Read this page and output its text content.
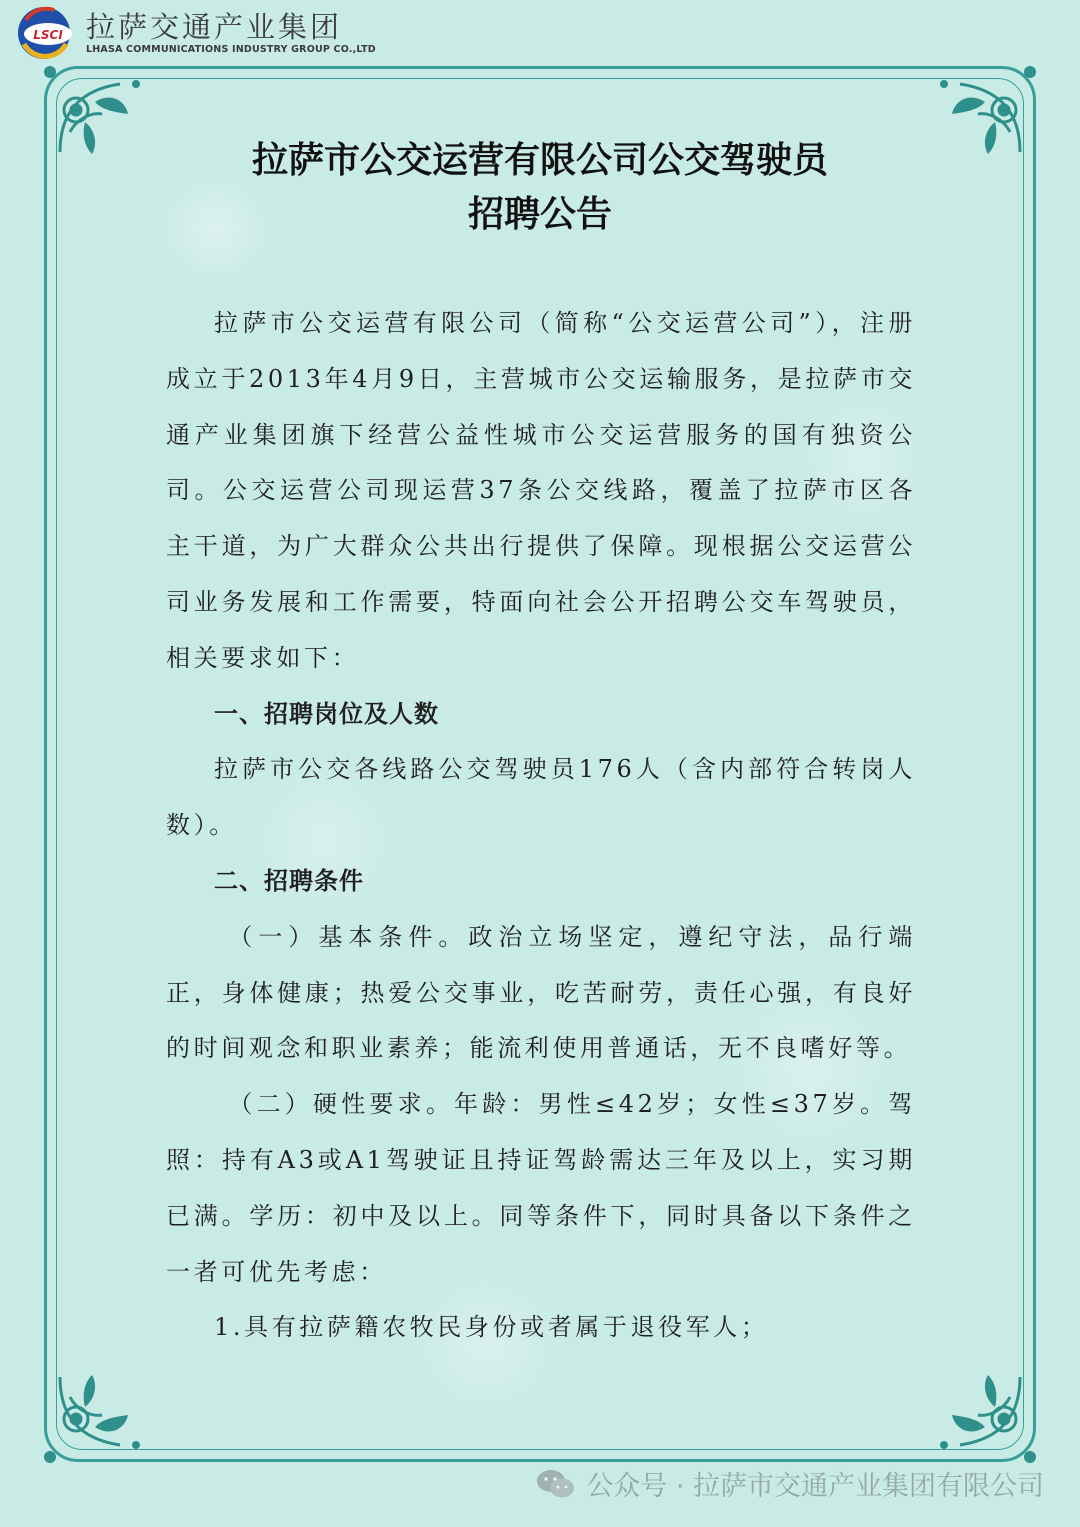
LSCI 拉萨交通产业集团
LHASA COMMUNICATIONS INDUSTRY GROUP CO.,LTD
拉萨市公交运营有限公司公交驾驶员
招聘公告

拉萨市公交运营有限公司（简称“公交运营公司”），注册成立于2013年4月9日，主营城市公交运输服务，是拉萨市交通产业集团旗下经营公益性城市公交运营服务的国有独资公司。公交运营公司现运营37条公交线路，覆盖了拉萨市区各主干道，为广大群众公共出行提供了保障。现根据公交运营公司业务发展和工作需要，特面向社会公开招聘公交车驾驶员，相关要求如下：

一、招聘岗位及人数

拉萨市公交各线路公交驾驶员176人（含内部符合转岗人数）。

二、招聘条件

（一）基本条件。政治立场坚定，遵纪守法，品行端正，身体健康；热爱公交事业，吃苦耐劳，责任心强，有良好的时间观念和职业素养；能流利使用普通话，无不良嗜好等。

（二）硬性要求。年龄：男性≤42岁；女性≤37岁。驾照：持有A3或A1驾驶证且持证驾龄需达三年及以上，实习期已满。学历：初中及以上。同等条件下，同时具备以下条件之一者可优先考虑：

1.具有拉萨籍农牧民身份或者属于退役军人；

公众号 · 拉萨市交通产业集团有限公司
